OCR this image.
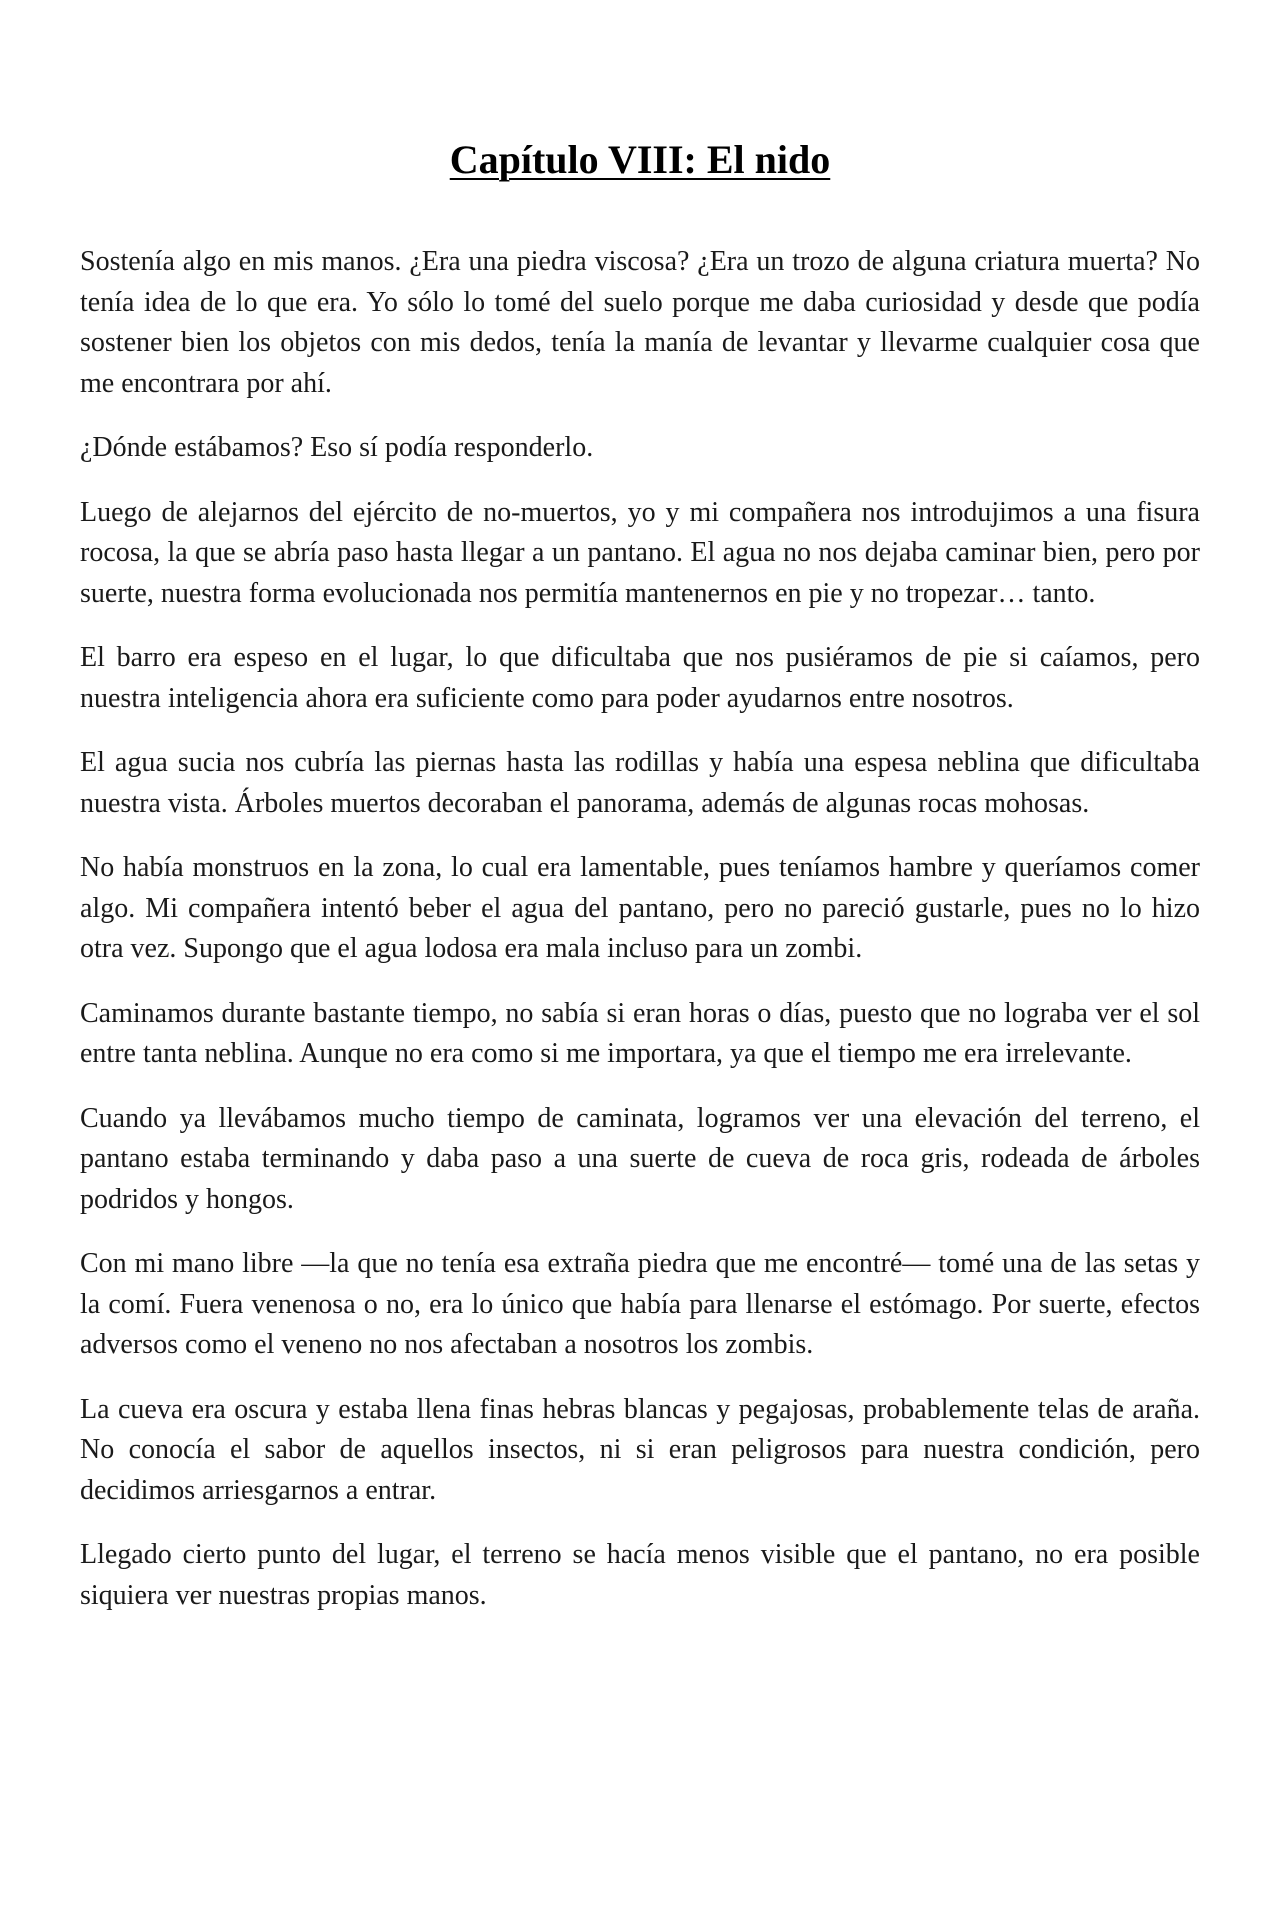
Capítulo VIII: El nido

Sostenía algo en mis manos. ¿Era una piedra viscosa? ¿Era un trozo de alguna criatura muerta? No tenía idea de lo que era. Yo sólo lo tomé del suelo porque me daba curiosidad y desde que podía sostener bien los objetos con mis dedos, tenía la manía de levantar y llevarme cualquier cosa que me encontrara por ahí.

¿Dónde estábamos? Eso sí podía responderlo.

Luego de alejarnos del ejército de no-muertos, yo y mi compañera nos introdujimos a una fisura rocosa, la que se abría paso hasta llegar a un pantano. El agua no nos dejaba caminar bien, pero por suerte, nuestra forma evolucionada nos permitía mantenernos en pie y no tropezar… tanto.

El barro era espeso en el lugar, lo que dificultaba que nos pusiéramos de pie si caíamos, pero nuestra inteligencia ahora era suficiente como para poder ayudarnos entre nosotros.

El agua sucia nos cubría las piernas hasta las rodillas y había una espesa neblina que dificultaba nuestra vista. Árboles muertos decoraban el panorama, además de algunas rocas mohosas.

No había monstruos en la zona, lo cual era lamentable, pues teníamos hambre y queríamos comer algo. Mi compañera intentó beber el agua del pantano, pero no pareció gustarle, pues no lo hizo otra vez. Supongo que el agua lodosa era mala incluso para un zombi.

Caminamos durante bastante tiempo, no sabía si eran horas o días, puesto que no lograba ver el sol entre tanta neblina. Aunque no era como si me importara, ya que el tiempo me era irrelevante.

Cuando ya llevábamos mucho tiempo de caminata, logramos ver una elevación del terreno, el pantano estaba terminando y daba paso a una suerte de cueva de roca gris, rodeada de árboles podridos y hongos.

Con mi mano libre —la que no tenía esa extraña piedra que me encontré— tomé una de las setas y la comí. Fuera venenosa o no, era lo único que había para llenarse el estómago. Por suerte, efectos adversos como el veneno no nos afectaban a nosotros los zombis.

La cueva era oscura y estaba llena finas hebras blancas y pegajosas, probablemente telas de araña. No conocía el sabor de aquellos insectos, ni si eran peligrosos para nuestra condición, pero decidimos arriesgarnos a entrar.

Llegado cierto punto del lugar, el terreno se hacía menos visible que el pantano, no era posible siquiera ver nuestras propias manos.
